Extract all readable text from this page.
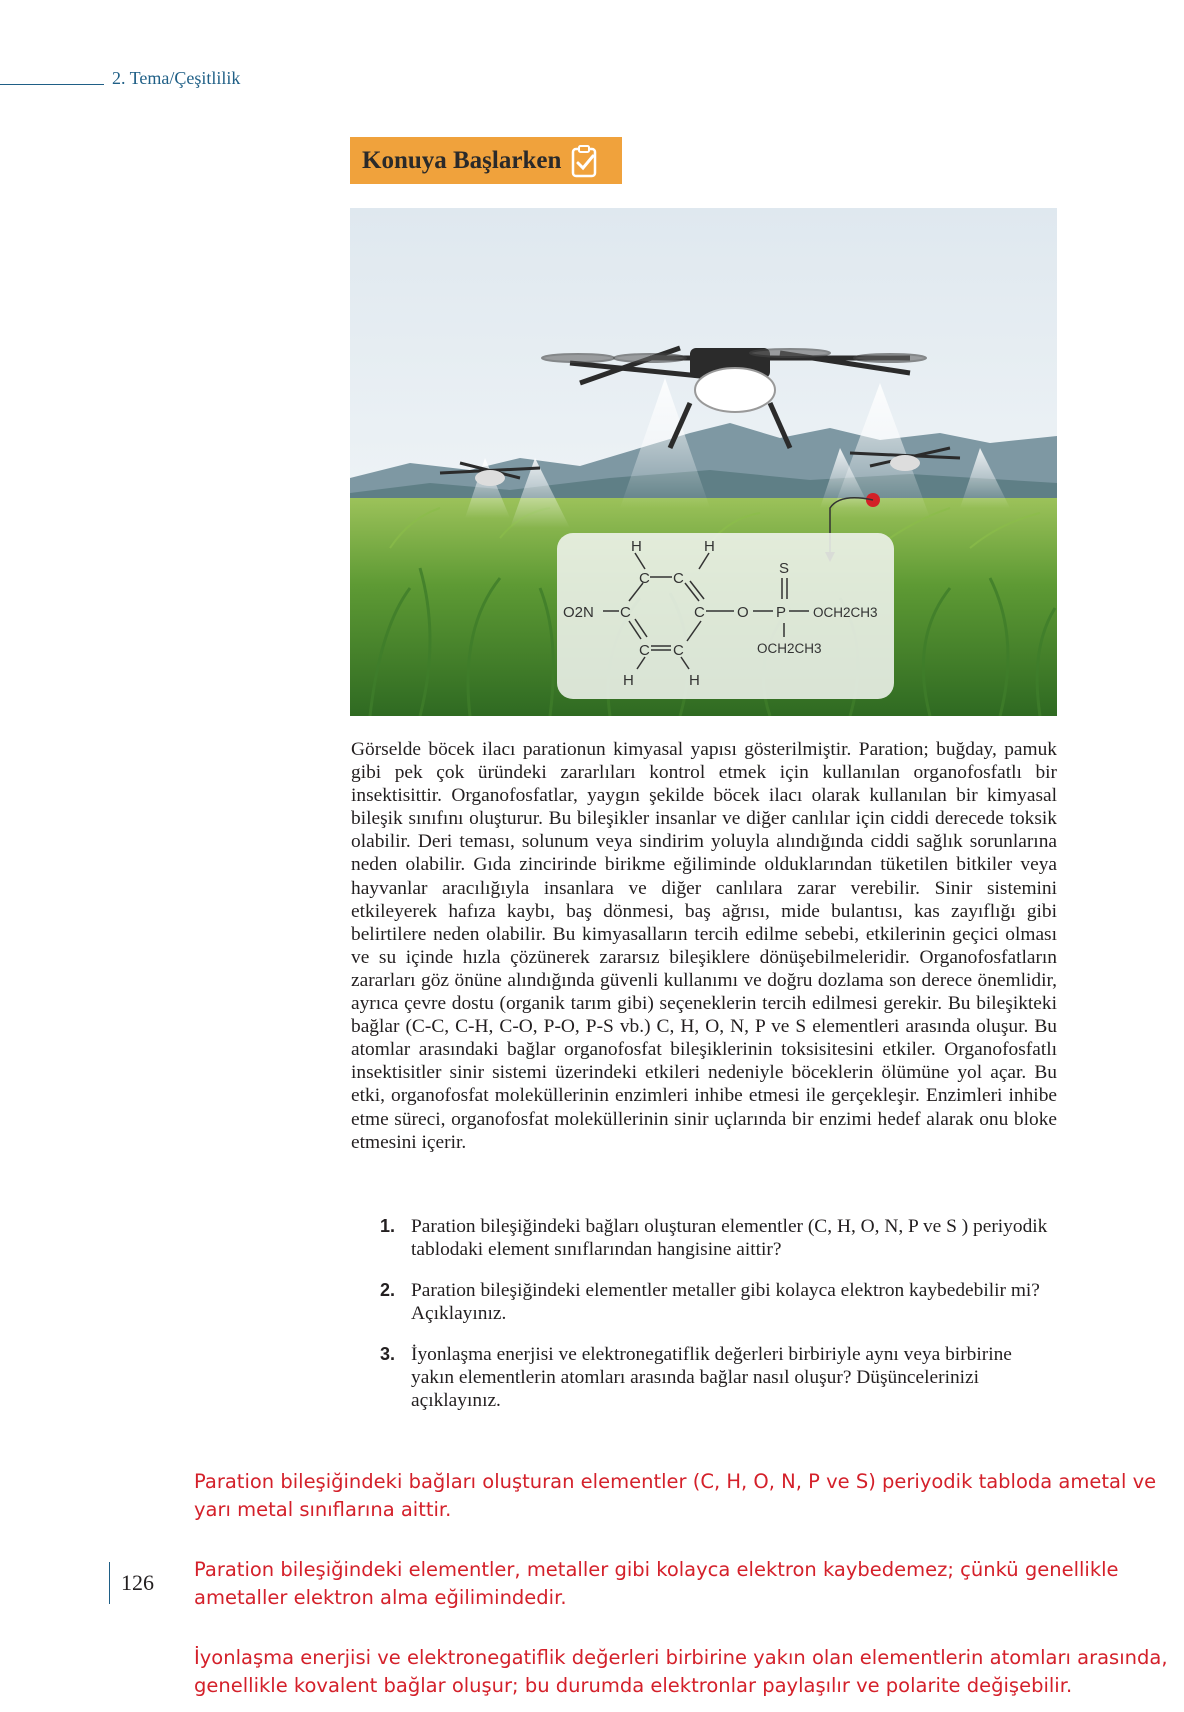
2. Tema/Çeşitlilik
Konuya Başlarken
H	H
C C
O2N C	C O P
S
OCH2CH3
OCH2CH3
C C
H	H
Görselde böcek ilacı parationun kimyasal yapısı gösterilmiştir. Paration; buğday, pamuk gibi pek çok üründeki zararlıları kontrol etmek için kullanılan organofosfatlı bir insektisittir. Organofosfatlar, yaygın şekilde böcek ilacı olarak kullanılan bir kimyasal bileşik sınıfını oluşturur. Bu bileşikler insanlar ve diğer canlılar için ciddi derecede toksik olabilir. Deri teması, solunum veya sindirim yoluyla alındığında ciddi sağlık sorunlarına neden olabilir. Gıda zincirinde birikme eğiliminde olduklarından tüketilen bitkiler veya hayvanlar aracılığıyla insanlara ve diğer canlılara zarar verebilir. Sinir sistemini etkileyerek hafıza kaybı, baş dönmesi, baş ağrısı, mide bulantısı, kas zayıflığı gibi belirtilere neden olabilir. Bu kimyasalların tercih edilme sebebi, etkilerinin geçici olması ve su içinde hızla çözünerek zararsız bileşiklere dönüşebilmeleridir. Organofosfatların zararları göz önüne alındığında güvenli kullanımı ve doğru dozlama son derece önemlidir, ayrıca çevre dostu (organik tarım gibi) seçeneklerin tercih edilmesi gerekir. Bu bileşikteki bağlar (C-C, C-H, C-O, P-O, P-S vb.) C, H, O, N, P ve S elementleri arasında oluşur. Bu atomlar arasındaki bağlar organofosfat bileşiklerinin toksisitesini etkiler. Organofosfatlı insektisitler sinir sistemi üzerindeki etkileri nedeniyle böceklerin ölümüne yol açar. Bu etki, organofosfat moleküllerinin enzimleri inhibe etmesi ile gerçekleşir. Enzimleri inhibe etme süreci, organofosfat moleküllerinin sinir uçlarında bir enzimi hedef alarak onu bloke etmesini içerir.
1. Paration bileşiğindeki bağları oluşturan elementler (C, H, O, N, P ve S ) periyodik tablodaki element sınıflarından hangisine aittir?
2. Paration bileşiğindeki elementler metaller gibi kolayca elektron kaybedebilir mi? Açıklayınız.
3. İyonlaşma enerjisi ve elektronegatiflik değerleri birbiriyle aynı veya birbirine yakın elementlerin atomları arasında bağlar nasıl oluşur? Düşüncelerinizi açıklayınız.
126
Paration bileşiğindeki bağları oluşturan elementler (C, H, O, N, P ve S) periyodik tabloda ametal ve yarı metal sınıflarına aittir.
Paration bileşiğindeki elementler, metaller gibi kolayca elektron kaybedemez; çünkü genellikle ametaller elektron alma eğilimindedir.
İyonlaşma enerjisi ve elektronegatiflik değerleri birbirine yakın olan elementlerin atomları arasında, genellikle kovalent bağlar oluşur; bu durumda elektronlar paylaşılır ve polarite değişebilir.
